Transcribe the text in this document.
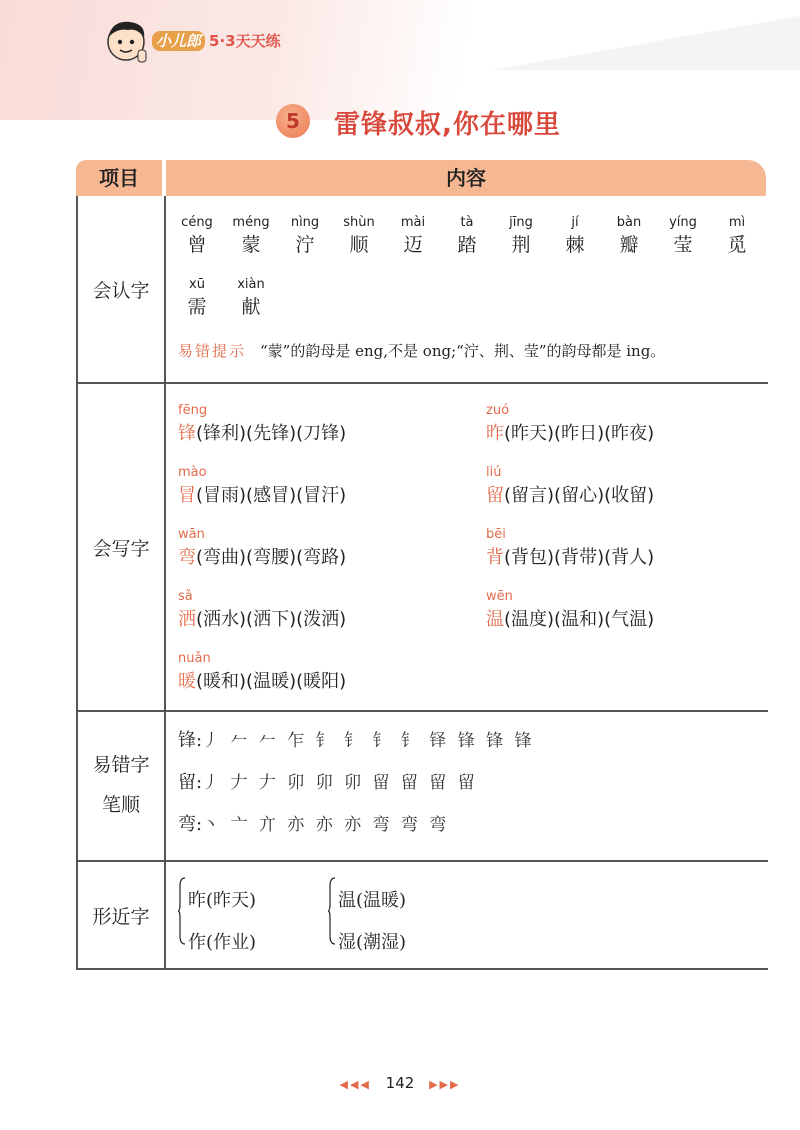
小儿郎 5·3天天练
5	雷锋叔叔,你在哪里
项目	内容
会认字
céng
曾
méng
蒙
nìng
泞
shùn
顺
mài
迈
tà
踏
jīng
荆
jí
棘
bàn
瓣
yíng
莹
mì
觅
xū
需
xiàn
献
易错提示 “蒙”的韵母是 eng,不是 ong;“泞、荆、莹”的韵母都是 ing。
会写字
fēng
锋(锋利)(先锋)(刀锋)
zuó
昨(昨天)(昨日)(昨夜)
mào
冒(冒雨)(感冒)(冒汗)
liú
留(留言)(留心)(收留)
wān
弯(弯曲)(弯腰)(弯路)
bēi
背(背包)(背带)(背人)
sǎ
洒(洒水)(洒下)(泼洒)
wēn
温(温度)(温和)(气温)
nuǎn
暖(暖和)(温暖)(暖阳)
易错字
笔顺
锋:丿 𠂉 𠂉 乍 钅 钅 钅 钅 铎 锋 锋 锋
留:丿 𠂇 𠂇 卯 卯 卯 留 留 留 留
弯:丶 亠 亣 亦 亦 亦 弯 弯 弯
形近字
昨(昨天)
作(作业)
温(温暖)
湿(潮湿)
◀◀◀ 142 ▶▶▶
